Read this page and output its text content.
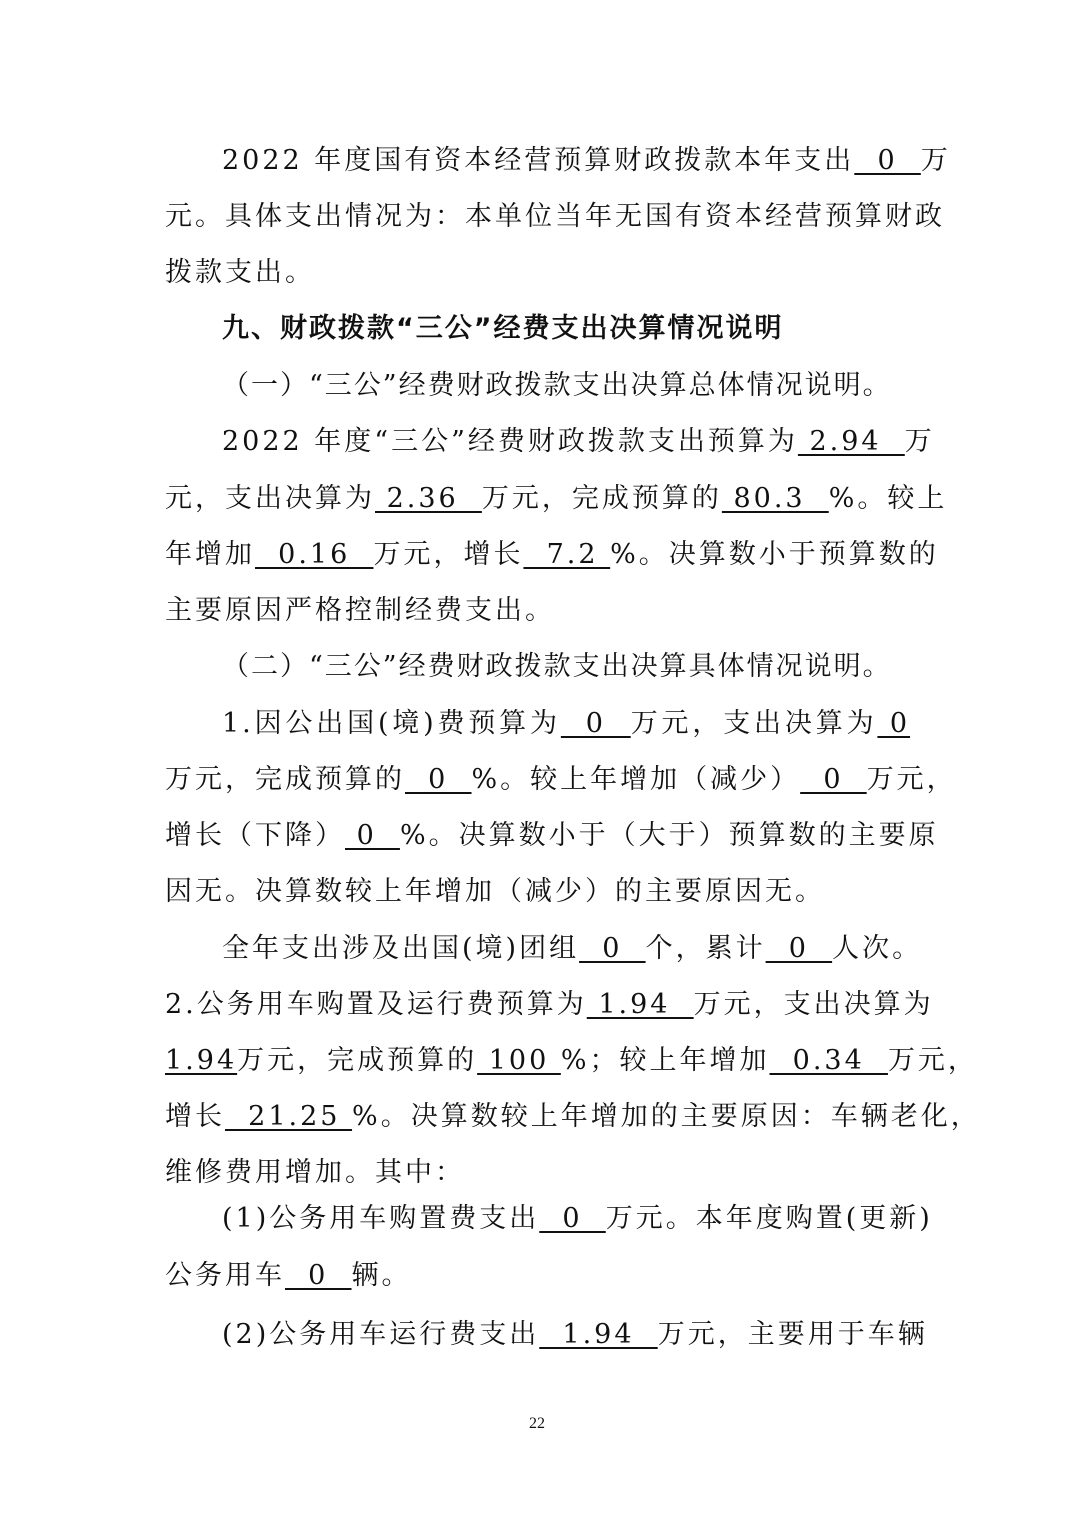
2022 年度国有资本经营预算财政拨款本年支出  0  万
元。具体支出情况为：本单位当年无国有资本经营预算财政
拨款支出。
九、财政拨款“三公”经费支出决算情况说明
（一）“三公”经费财政拨款支出决算总体情况说明。
2022 年度“三公”经费财政拨款支出预算为 2.94  万
元，支出决算为 2.36  万元，完成预算的 80.3  %。较上
年增加  0.16  万元，增长  7.2 %。决算数小于预算数的
主要原因严格控制经费支出。
（二）“三公”经费财政拨款支出决算具体情况说明。
1.因公出国(境)费预算为  0  万元，支出决算为 0
万元，完成预算的  0  %。较上年增加（减少）  0  万元，
增长（下降） 0  %。决算数小于（大于）预算数的主要原
因无。决算数较上年增加（减少）的主要原因无。
全年支出涉及出国(境)团组  0  个，累计  0  人次。
2.公务用车购置及运行费预算为 1.94  万元，支出决算为
1.94万元，完成预算的 100 %；较上年增加  0.34  万元，
增长  21.25 %。决算数较上年增加的主要原因：车辆老化，
维修费用增加。其中：
(1)公务用车购置费支出  0  万元。本年度购置(更新)
公务用车  0  辆。
(2)公务用车运行费支出  1.94  万元，主要用于车辆
22
